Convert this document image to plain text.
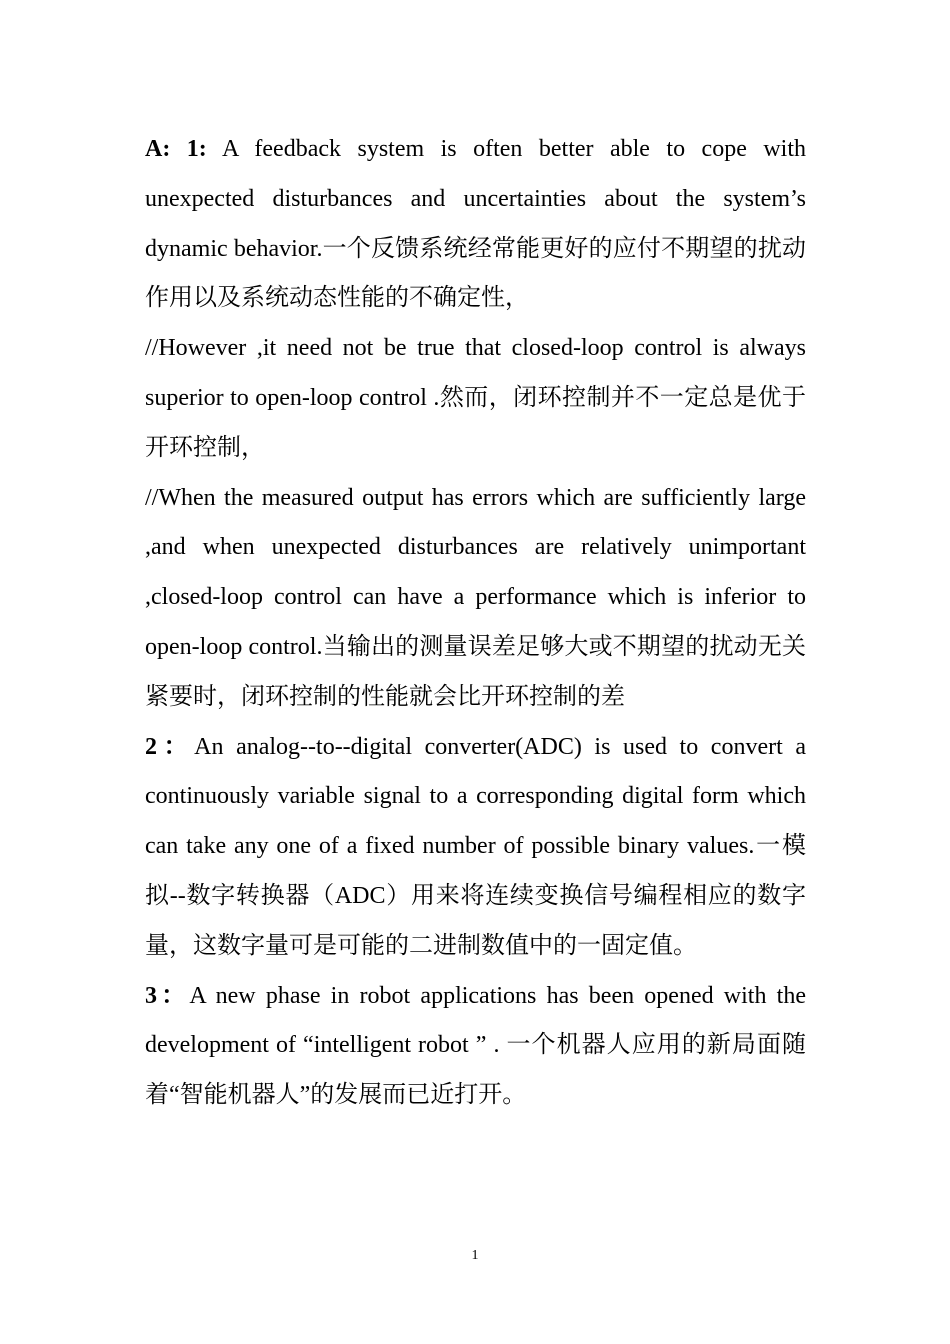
A: 1: A feedback system is often better able to cope with unexpected disturbances and uncertainties about the system’s dynamic behavior.一个反馈系统经常能更好的应付不期望的扰动作用以及系统动态性能的不确定性，

//However ,it need not be true that closed-loop control is always superior to open-loop control .然而，闭环控制并不一定总是优于开环控制，

//When the measured output has errors which are sufficiently large ,and when unexpected disturbances are relatively unimportant ,closed-loop control can have a performance which is inferior to open-loop control.当输出的测量误差足够大或不期望的扰动无关紧要时，闭环控制的性能就会比开环控制的差

2：An analog--to--digital converter(ADC) is used to convert a continuously variable signal to a corresponding digital form which can take any one of a fixed number of possible binary values.一模拟--数字转换器（ADC）用来将连续变换信号编程相应的数字量，这数字量可是可能的二进制数值中的一固定值。

3：A new phase in robot applications has been opened with the development of “intelligent robot ” . 一个机器人应用的新局面随着“智能机器人”的发展而已近打开。

1
